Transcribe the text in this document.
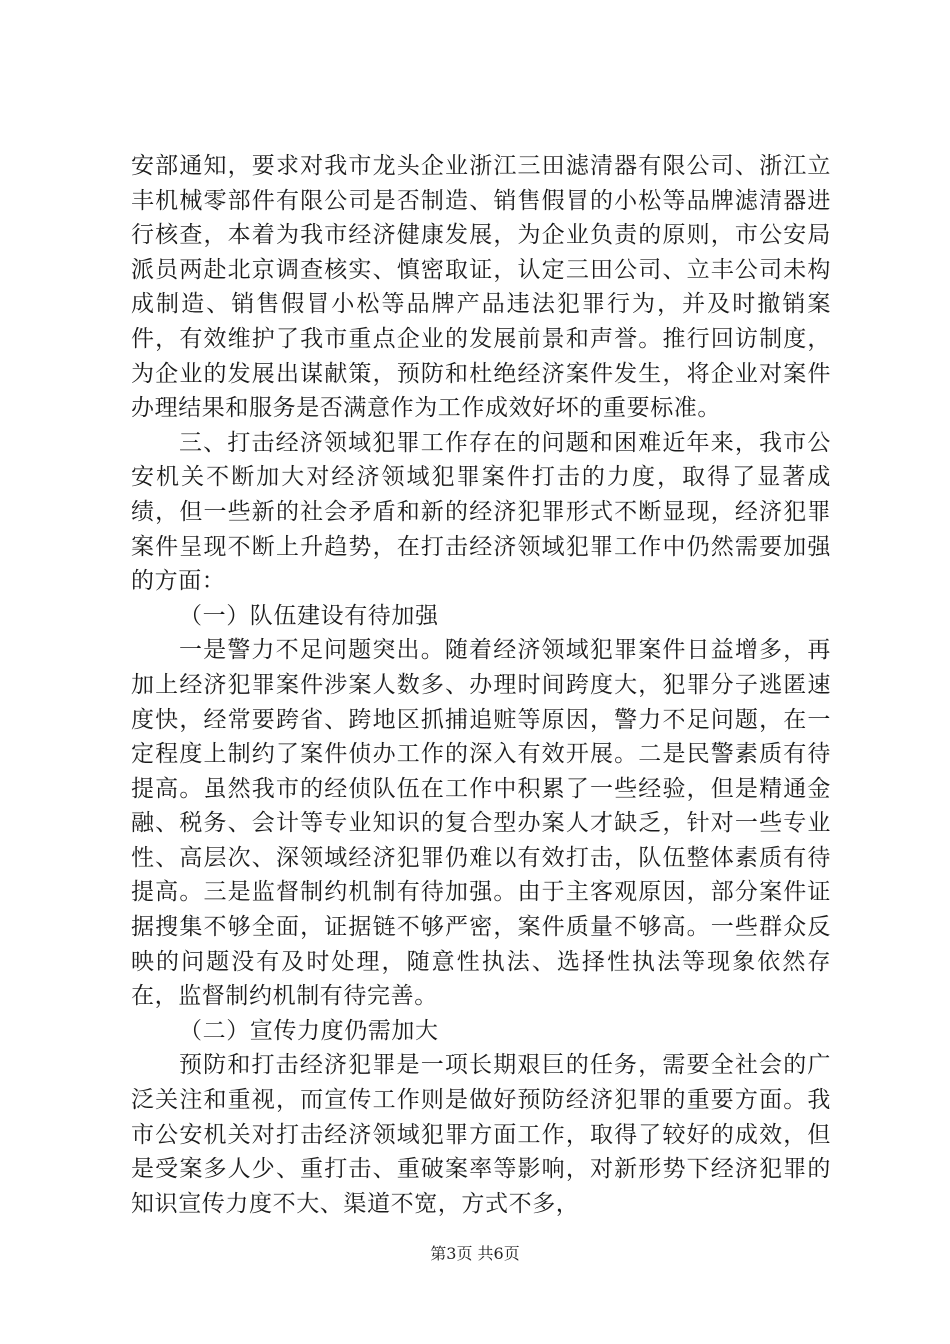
安部通知，要求对我市龙头企业浙江三田滤清器有限公司、浙江立丰机械零部件有限公司是否制造、销售假冒的小松等品牌滤清器进行核查，本着为我市经济健康发展，为企业负责的原则，市公安局派员两赴北京调查核实、慎密取证，认定三田公司、立丰公司未构成制造、销售假冒小松等品牌产品违法犯罪行为，并及时撤销案件，有效维护了我市重点企业的发展前景和声誉。推行回访制度，为企业的发展出谋献策，预防和杜绝经济案件发生，将企业对案件办理结果和服务是否满意作为工作成效好坏的重要标准。

三、打击经济领域犯罪工作存在的问题和困难近年来，我市公安机关不断加大对经济领域犯罪案件打击的力度，取得了显著成绩，但一些新的社会矛盾和新的经济犯罪形式不断显现，经济犯罪案件呈现不断上升趋势，在打击经济领域犯罪工作中仍然需要加强的方面：

（一）队伍建设有待加强

一是警力不足问题突出。随着经济领域犯罪案件日益增多，再加上经济犯罪案件涉案人数多、办理时间跨度大，犯罪分子逃匿速度快，经常要跨省、跨地区抓捕追赃等原因，警力不足问题，在一定程度上制约了案件侦办工作的深入有效开展。二是民警素质有待提高。虽然我市的经侦队伍在工作中积累了一些经验，但是精通金融、税务、会计等专业知识的复合型办案人才缺乏，针对一些专业性、高层次、深领域经济犯罪仍难以有效打击，队伍整体素质有待提高。三是监督制约机制有待加强。由于主客观原因，部分案件证据搜集不够全面，证据链不够严密，案件质量不够高。一些群众反映的问题没有及时处理，随意性执法、选择性执法等现象依然存在，监督制约机制有待完善。

（二）宣传力度仍需加大

预防和打击经济犯罪是一项长期艰巨的任务，需要全社会的广泛关注和重视，而宣传工作则是做好预防经济犯罪的重要方面。我市公安机关对打击经济领域犯罪方面工作，取得了较好的成效，但是受案多人少、重打击、重破案率等影响，对新形势下经济犯罪的知识宣传力度不大、渠道不宽，方式不多，

第3页 共6页
